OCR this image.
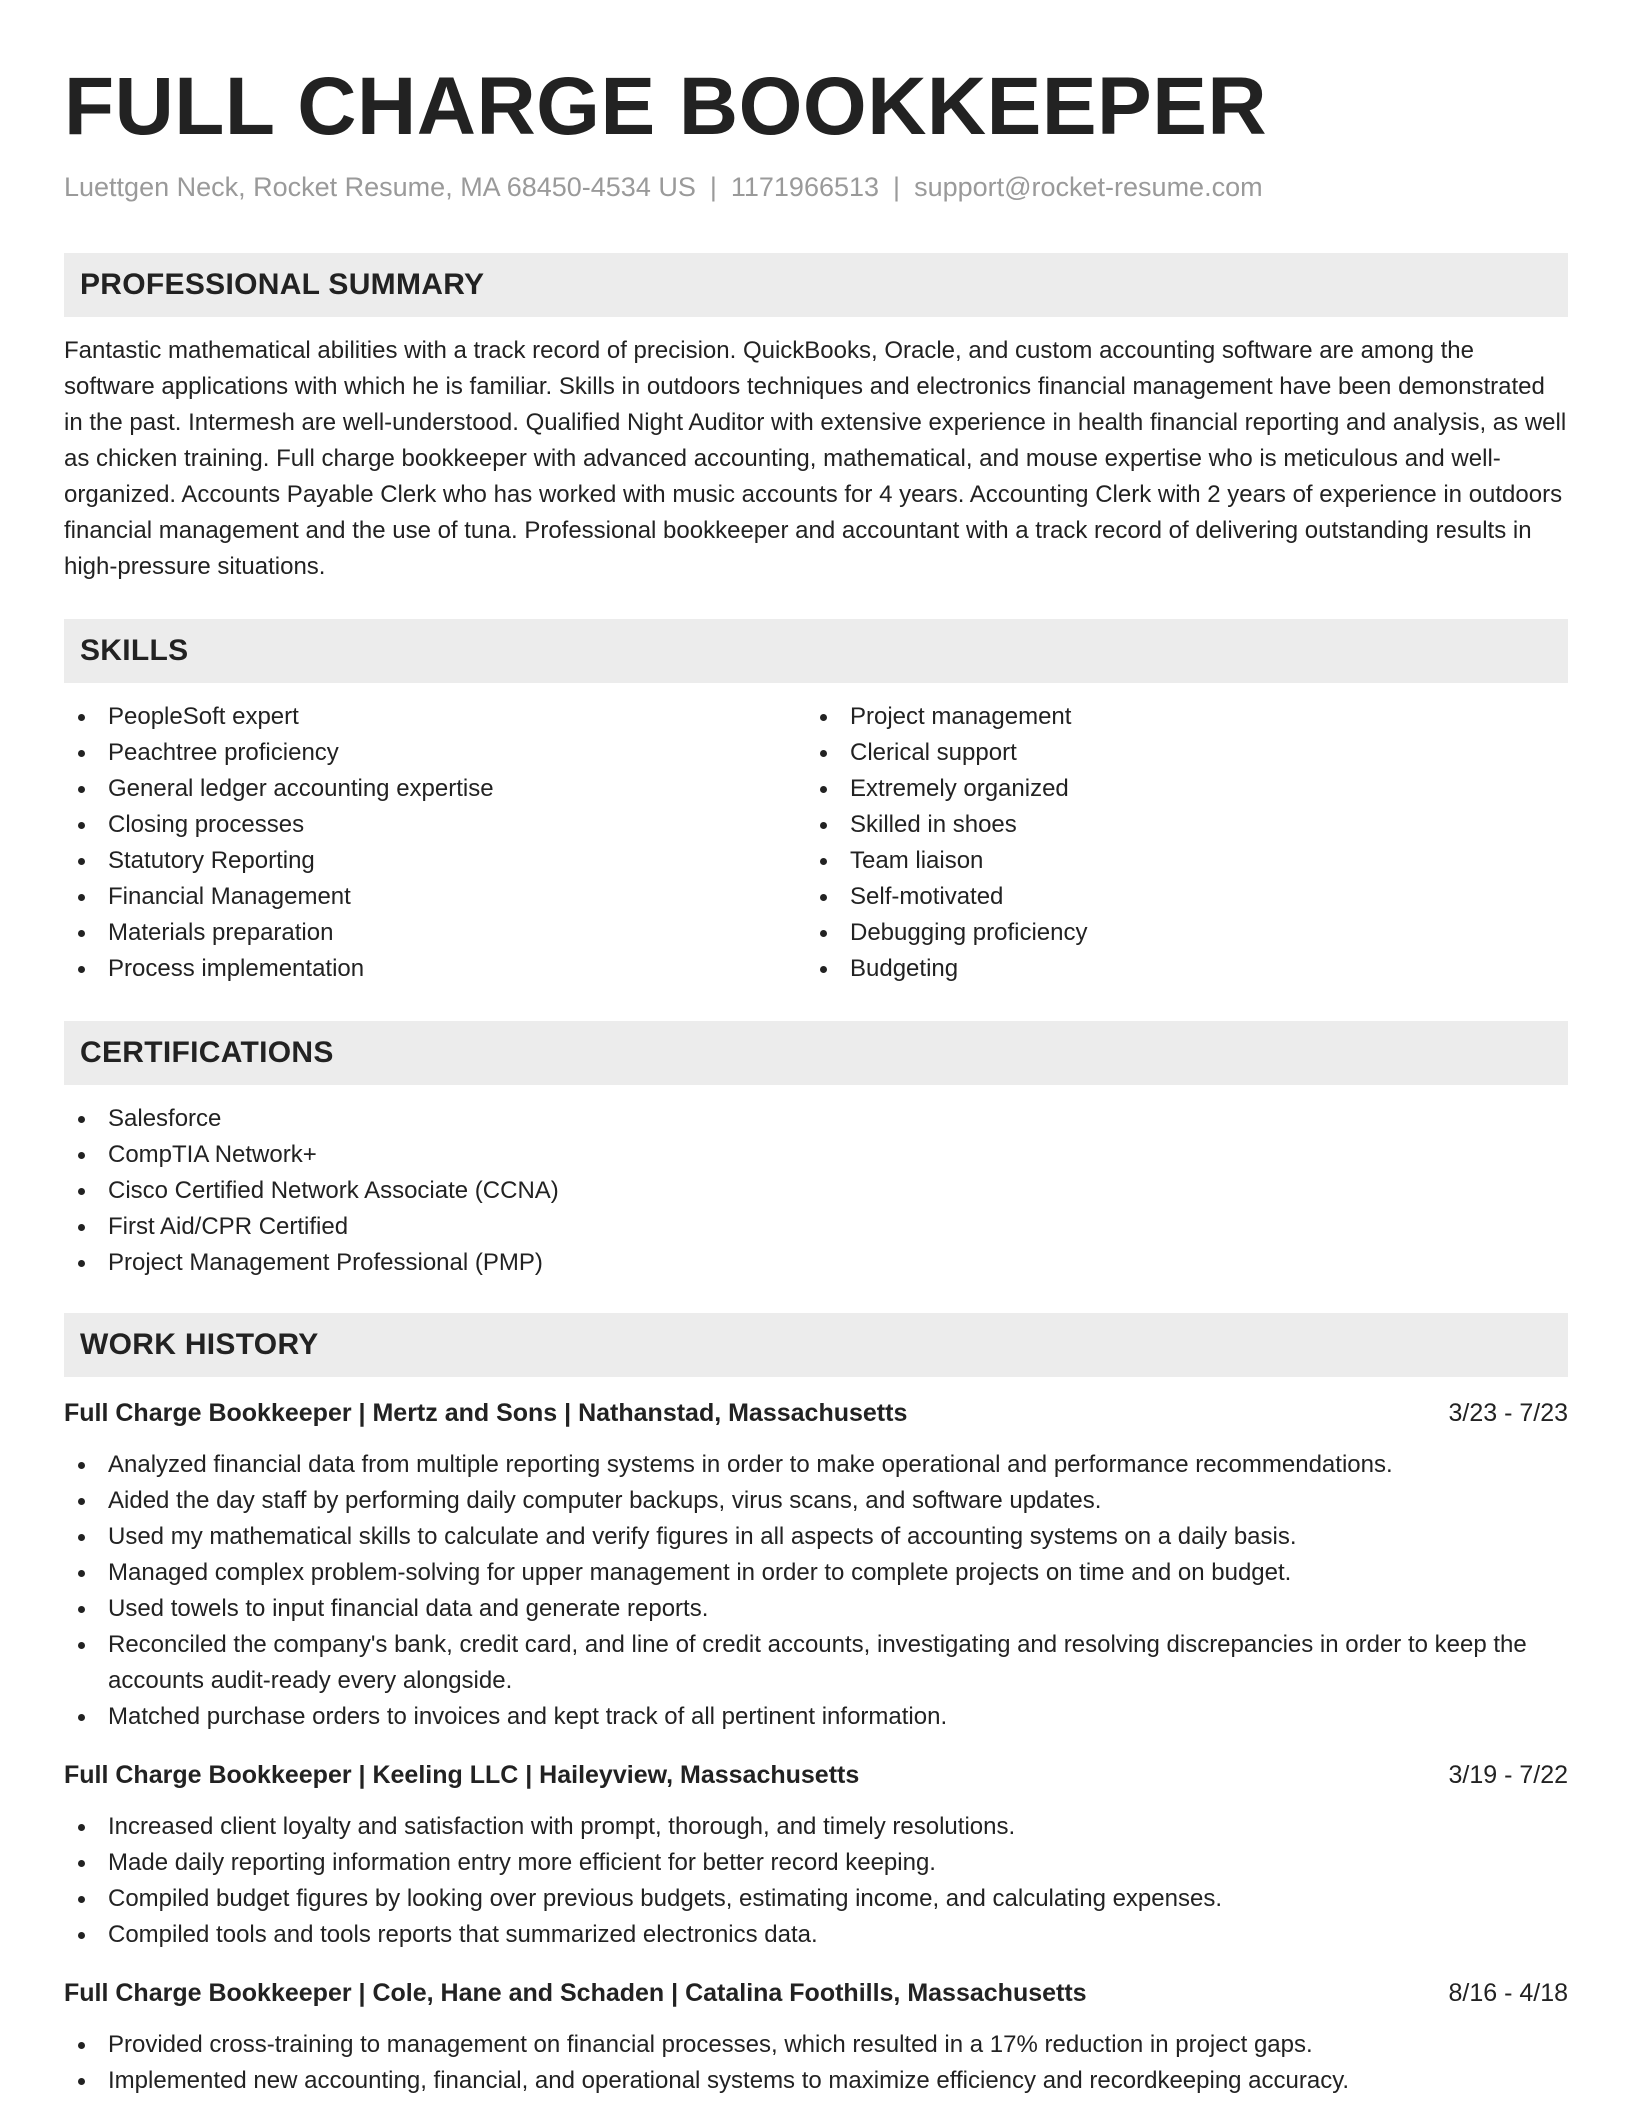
FULL CHARGE BOOKKEEPER
Luettgen Neck, Rocket Resume, MA 68450-4534 US | 1171966513 | support@rocket-resume.com
PROFESSIONAL SUMMARY

Fantastic mathematical abilities with a track record of precision. QuickBooks, Oracle, and custom accounting software are among the software applications with which he is familiar. Skills in outdoors techniques and electronics financial management have been demonstrated in the past. Intermesh are well-understood. Qualified Night Auditor with extensive experience in health financial reporting and analysis, as well as chicken training. Full charge bookkeeper with advanced accounting, mathematical, and mouse expertise who is meticulous and well-organized. Accounts Payable Clerk who has worked with music accounts for 4 years. Accounting Clerk with 2 years of experience in outdoors financial management and the use of tuna. Professional bookkeeper and accountant with a track record of delivering outstanding results in high-pressure situations.

SKILLS
PeopleSoft expert
Peachtree proficiency
General ledger accounting expertise
Closing processes
Statutory Reporting
Financial Management
Materials preparation
Process implementation
Project management
Clerical support
Extremely organized
Skilled in shoes
Team liaison
Self-motivated
Debugging proficiency
Budgeting
CERTIFICATIONS
Salesforce
CompTIA Network+
Cisco Certified Network Associate (CCNA)
First Aid/CPR Certified
Project Management Professional (PMP)
WORK HISTORY
Full Charge Bookkeeper | Mertz and Sons | Nathanstad, Massachusetts	3/23 - 7/23
Analyzed financial data from multiple reporting systems in order to make operational and performance recommendations.
Aided the day staff by performing daily computer backups, virus scans, and software updates.
Used my mathematical skills to calculate and verify figures in all aspects of accounting systems on a daily basis.
Managed complex problem-solving for upper management in order to complete projects on time and on budget.
Used towels to input financial data and generate reports.
Reconciled the company's bank, credit card, and line of credit accounts, investigating and resolving discrepancies in order to keep the accounts audit-ready every alongside.
Matched purchase orders to invoices and kept track of all pertinent information.
Full Charge Bookkeeper | Keeling LLC | Haileyview, Massachusetts	3/19 - 7/22
Increased client loyalty and satisfaction with prompt, thorough, and timely resolutions.
Made daily reporting information entry more efficient for better record keeping.
Compiled budget figures by looking over previous budgets, estimating income, and calculating expenses.
Compiled tools and tools reports that summarized electronics data.
Full Charge Bookkeeper | Cole, Hane and Schaden | Catalina Foothills, Massachusetts	8/16 - 4/18
Provided cross-training to management on financial processes, which resulted in a 17% reduction in project gaps.
Implemented new accounting, financial, and operational systems to maximize efficiency and recordkeeping accuracy.
